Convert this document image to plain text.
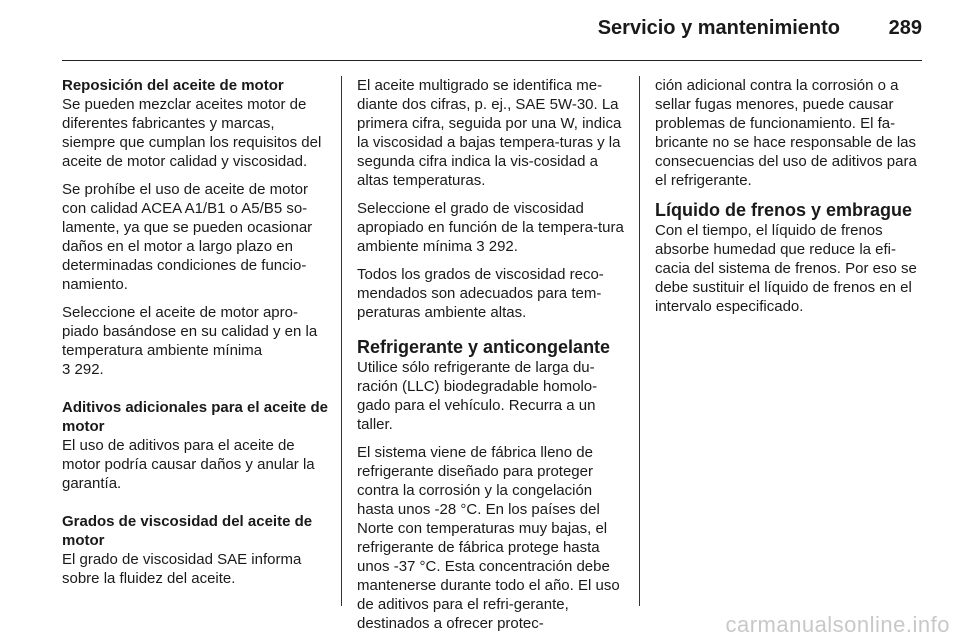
Servicio y mantenimiento 289
Reposición del aceite de motor

Se pueden mezclar aceites motor de diferentes fabricantes y marcas, siempre que cumplan los requisitos del aceite de motor calidad y viscosidad.

Se prohíbe el uso de aceite de motor con calidad ACEA A1/B1 o A5/B5 so‐lamente, ya que se pueden ocasionar daños en el motor a largo plazo en determinadas condiciones de funcio‐namiento.

Seleccione el aceite de motor apro‐piado basándose en su calidad y en la temperatura ambiente mínima
3 292.

Aditivos adicionales para el aceite de motor

El uso de aditivos para el aceite de motor podría causar daños y anular la garantía.

Grados de viscosidad del aceite de motor

El grado de viscosidad SAE informa sobre la fluidez del aceite.

El aceite multigrado se identifica me‐diante dos cifras, p. ej., SAE 5W-30. La primera cifra, seguida por una W, indica la viscosidad a bajas tempera‐turas y la segunda cifra indica la vis‐cosidad a altas temperaturas.

Seleccione el grado de viscosidad apropiado en función de la tempera‐tura ambiente mínima 3 292.

Todos los grados de viscosidad reco‐mendados son adecuados para tem‐peraturas ambiente altas.

Refrigerante y anticongelante

Utilice sólo refrigerante de larga du‐ración (LLC) biodegradable homolo‐gado para el vehículo. Recurra a un taller.

El sistema viene de fábrica lleno de refrigerante diseñado para proteger contra la corrosión y la congelación hasta unos -28 °C. En los países del Norte con temperaturas muy bajas, el refrigerante de fábrica protege hasta unos -37 °C. Esta concentración debe mantenerse durante todo el año. El uso de aditivos para el refri‐gerante, destinados a ofrecer protec‐

ción adicional contra la corrosión o a sellar fugas menores, puede causar problemas de funcionamiento. El fa‐bricante no se hace responsable de las consecuencias del uso de aditivos para el refrigerante.

Líquido de frenos y embrague

Con el tiempo, el líquido de frenos absorbe humedad que reduce la efi‐cacia del sistema de frenos. Por eso se debe sustituir el líquido de frenos en el intervalo especificado.

carmanualsonline.info
